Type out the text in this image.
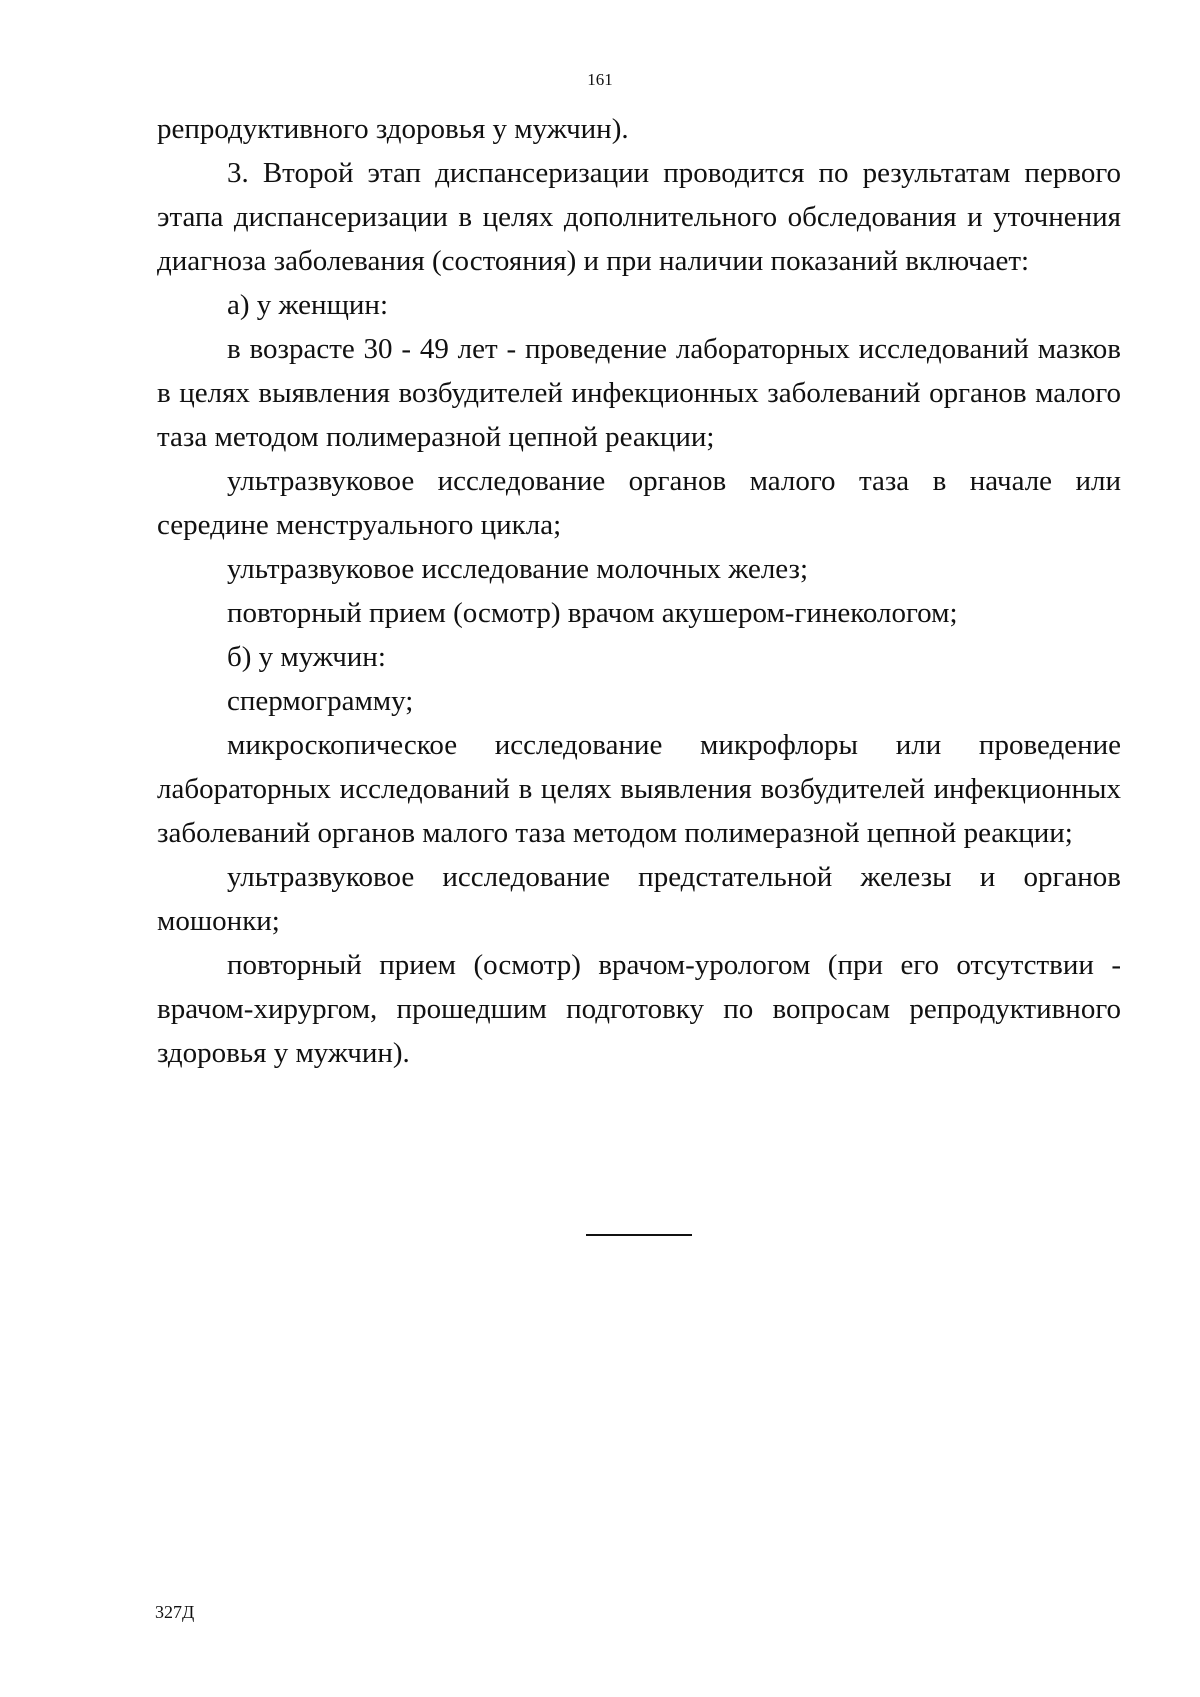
161

репродуктивного здоровья у мужчин).

3. Второй этап диспансеризации проводится по результатам первого этапа диспансеризации в целях дополнительного обследования и уточнения диагноза заболевания (состояния) и при наличии показаний включает:

а) у женщин:

в возрасте 30 - 49 лет - проведение лабораторных исследований мазков в целях выявления возбудителей инфекционных заболеваний органов малого таза методом полимеразной цепной реакции;

ультразвуковое исследование органов малого таза в начале или середине менструального цикла;

ультразвуковое исследование молочных желез;

повторный прием (осмотр) врачом акушером-гинекологом;

б) у мужчин:

спермограмму;

микроскопическое исследование микрофлоры или проведение лабораторных исследований в целях выявления возбудителей инфекционных заболеваний органов малого таза методом полимеразной цепной реакции;

ультразвуковое исследование предстательной железы и органов мошонки;

повторный прием (осмотр) врачом-урологом (при его отсутствии - врачом-хирургом, прошедшим подготовку по вопросам репродуктивного здоровья у мужчин).

327Д
